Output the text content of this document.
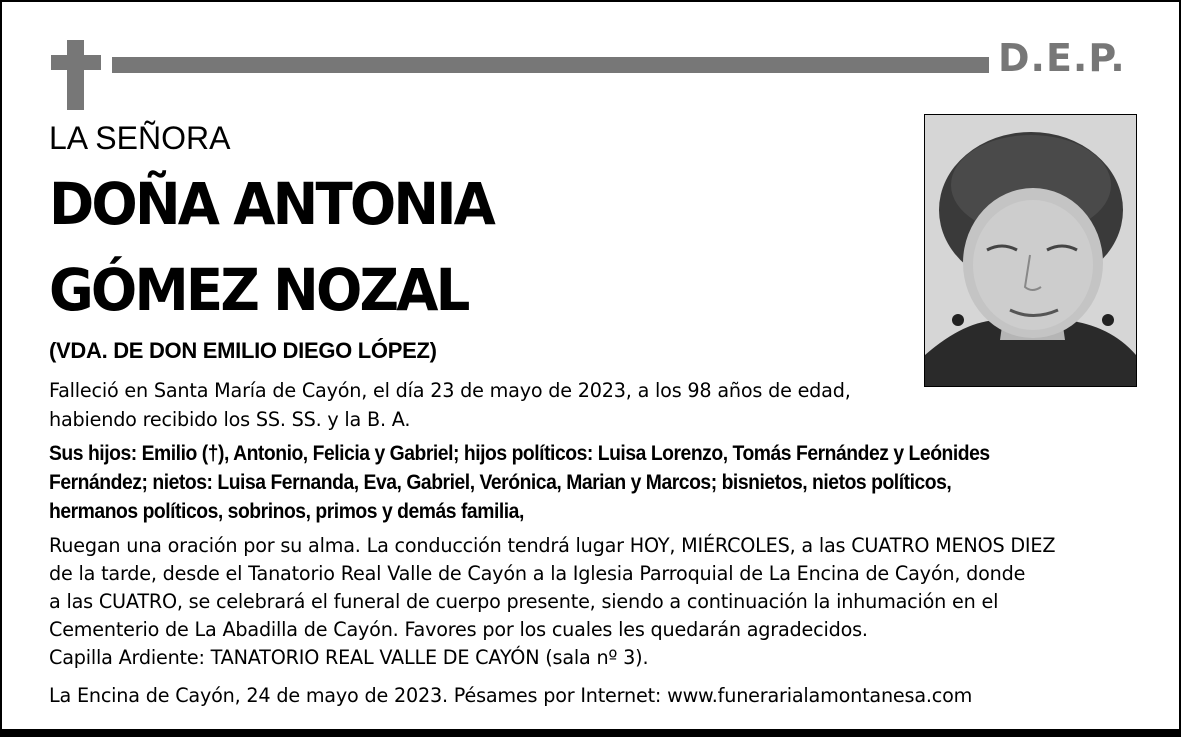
D.E.P.
LA SEÑORA
DOÑA ANTONIA
GÓMEZ NOZAL
(VDA. DE DON EMILIO DIEGO LÓPEZ)
Falleció en Santa María de Cayón, el día 23 de mayo de 2023, a los 98 años de edad,
habiendo recibido los SS. SS. y la B. A.
Sus hijos: Emilio (†), Antonio, Felicia y Gabriel; hijos políticos: Luisa Lorenzo, Tomás Fernández y Leónides
Fernández; nietos: Luisa Fernanda, Eva, Gabriel, Verónica, Marian y Marcos; bisnietos, nietos políticos,
hermanos políticos, sobrinos, primos y demás familia,
Ruegan una oración por su alma. La conducción tendrá lugar HOY, MIÉRCOLES, a las CUATRO MENOS DIEZ
de la tarde, desde el Tanatorio Real Valle de Cayón a la Iglesia Parroquial de La Encina de Cayón, donde
a las CUATRO, se celebrará el funeral de cuerpo presente, siendo a continuación la inhumación en el
Cementerio de La Abadilla de Cayón. Favores por los cuales les quedarán agradecidos.
Capilla Ardiente: TANATORIO REAL VALLE DE CAYÓN (sala nº 3).
La Encina de Cayón, 24 de mayo de 2023. Pésames por Internet: www.funerarialamontanesa.com
